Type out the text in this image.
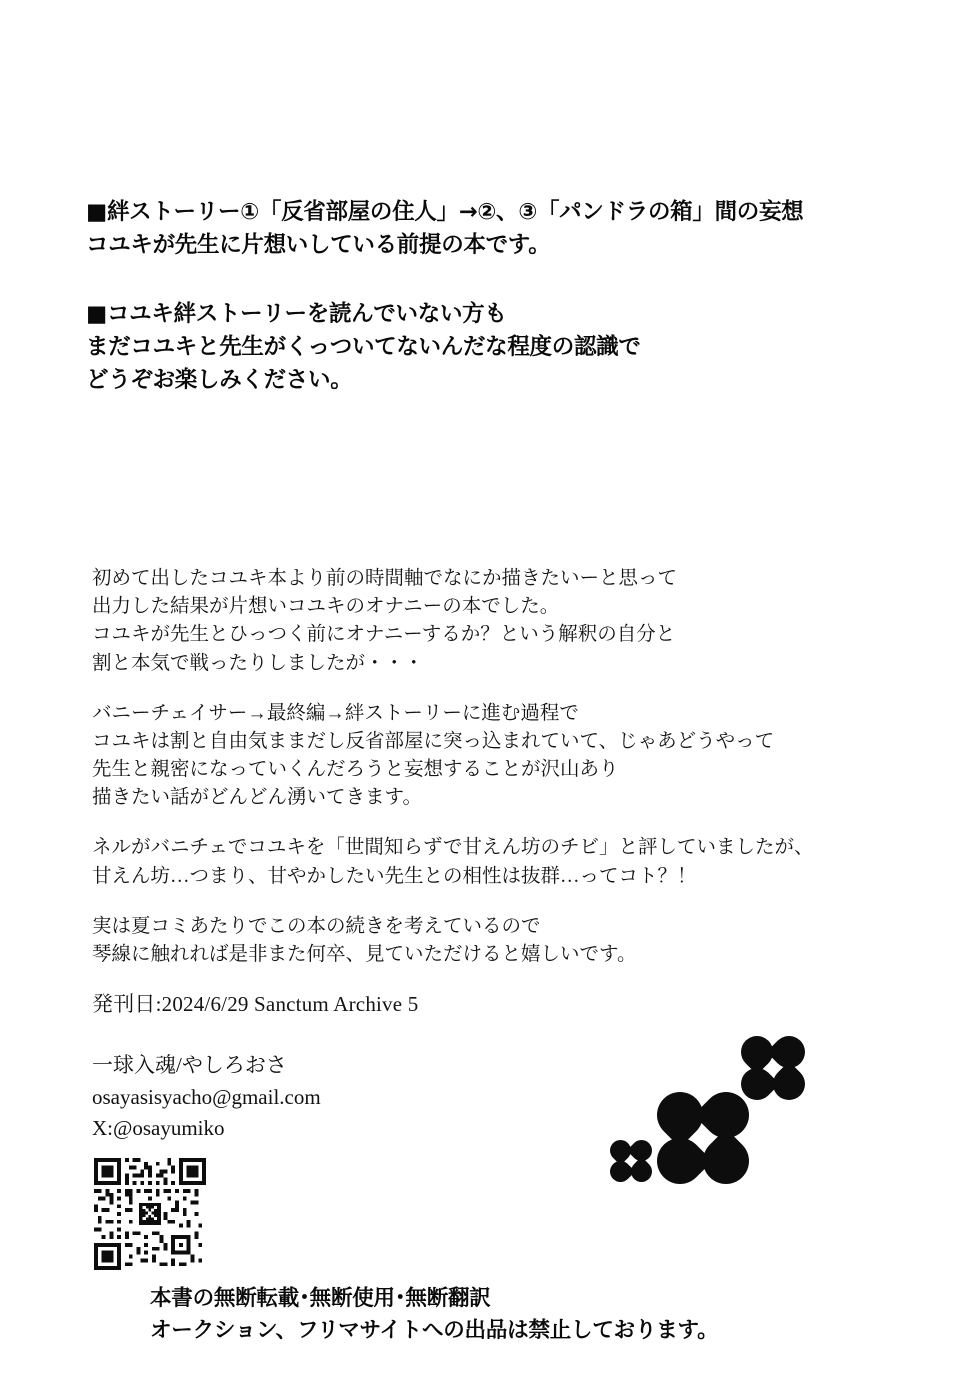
■絆ストーリー①「反省部屋の住人」→②、③「パンドラの箱」間の妄想
コユキが先生に片想いしている前提の本です。
■コユキ絆ストーリーを読んでいない方も
まだコユキと先生がくっついてないんだな程度の認識で
どうぞお楽しみください。

初めて出したコユキ本より前の時間軸でなにか描きたいーと思って
出力した結果が片想いコユキのオナニーの本でした。
コユキが先生とひっつく前にオナニーするか？という解釈の自分と
割と本気で戦ったりしましたが・・・

バニーチェイサー→最終編→絆ストーリーに進む過程で
コユキは割と自由気ままだし反省部屋に突っ込まれていて、じゃあどうやって
先生と親密になっていくんだろうと妄想することが沢山あり
描きたい話がどんどん湧いてきます。

ネルがバニチェでコユキを「世間知らずで甘えん坊のチビ」と評していましたが、
甘えん坊…つまり、甘やかしたい先生との相性は抜群…ってコト？！

実は夏コミあたりでこの本の続きを考えているので
琴線に触れれば是非また何卒、見ていただけると嬉しいです。

発刊日:2024/6/29 Sanctum Archive 5
一球入魂/やしろおさ
osayasisyacho@gmail.com
X:@osayumiko
本書の無断転載･無断使用･無断翻訳
オークション、フリマサイトへの出品は禁止しております。
